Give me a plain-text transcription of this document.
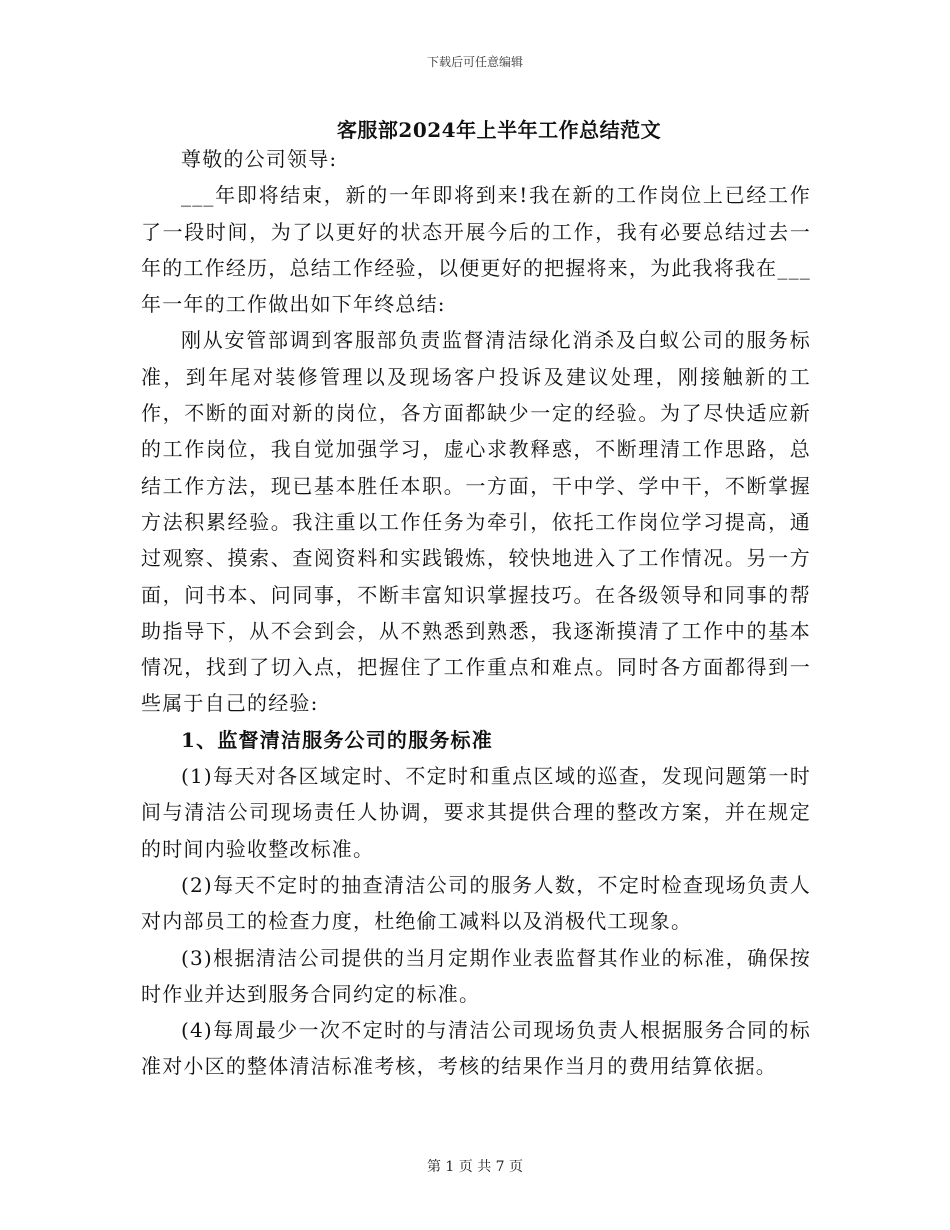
下载后可任意编辑
客服部2024年上半年工作总结范文

尊敬的公司领导:

___年即将结束，新的一年即将到来!我在新的工作岗位上已经工作了一段时间，为了以更好的状态开展今后的工作，我有必要总结过去一年的工作经历，总结工作经验，以便更好的把握将来，为此我将我在___年一年的工作做出如下年终总结:

刚从安管部调到客服部负责监督清洁绿化消杀及白蚁公司的服务标准，到年尾对装修管理以及现场客户投诉及建议处理，刚接触新的工作，不断的面对新的岗位，各方面都缺少一定的经验。为了尽快适应新的工作岗位，我自觉加强学习，虚心求教释惑，不断理清工作思路，总结工作方法，现已基本胜任本职。一方面，干中学、学中干，不断掌握方法积累经验。我注重以工作任务为牵引，依托工作岗位学习提高，通过观察、摸索、查阅资料和实践锻炼，较快地进入了工作情况。另一方面，问书本、问同事，不断丰富知识掌握技巧。在各级领导和同事的帮助指导下，从不会到会，从不熟悉到熟悉，我逐渐摸清了工作中的基本情况，找到了切入点，把握住了工作重点和难点。同时各方面都得到一些属于自己的经验:

1、监督清洁服务公司的服务标准

(1)每天对各区域定时、不定时和重点区域的巡查，发现问题第一时间与清洁公司现场责任人协调，要求其提供合理的整改方案，并在规定的时间内验收整改标准。

(2)每天不定时的抽查清洁公司的服务人数，不定时检查现场负责人对内部员工的检查力度，杜绝偷工减料以及消极代工现象。

(3)根据清洁公司提供的当月定期作业表监督其作业的标准，确保按时作业并达到服务合同约定的标准。

(4)每周最少一次不定时的与清洁公司现场负责人根据服务合同的标准对小区的整体清洁标准考核，考核的结果作当月的费用结算依据。

第 1 页 共 7 页
